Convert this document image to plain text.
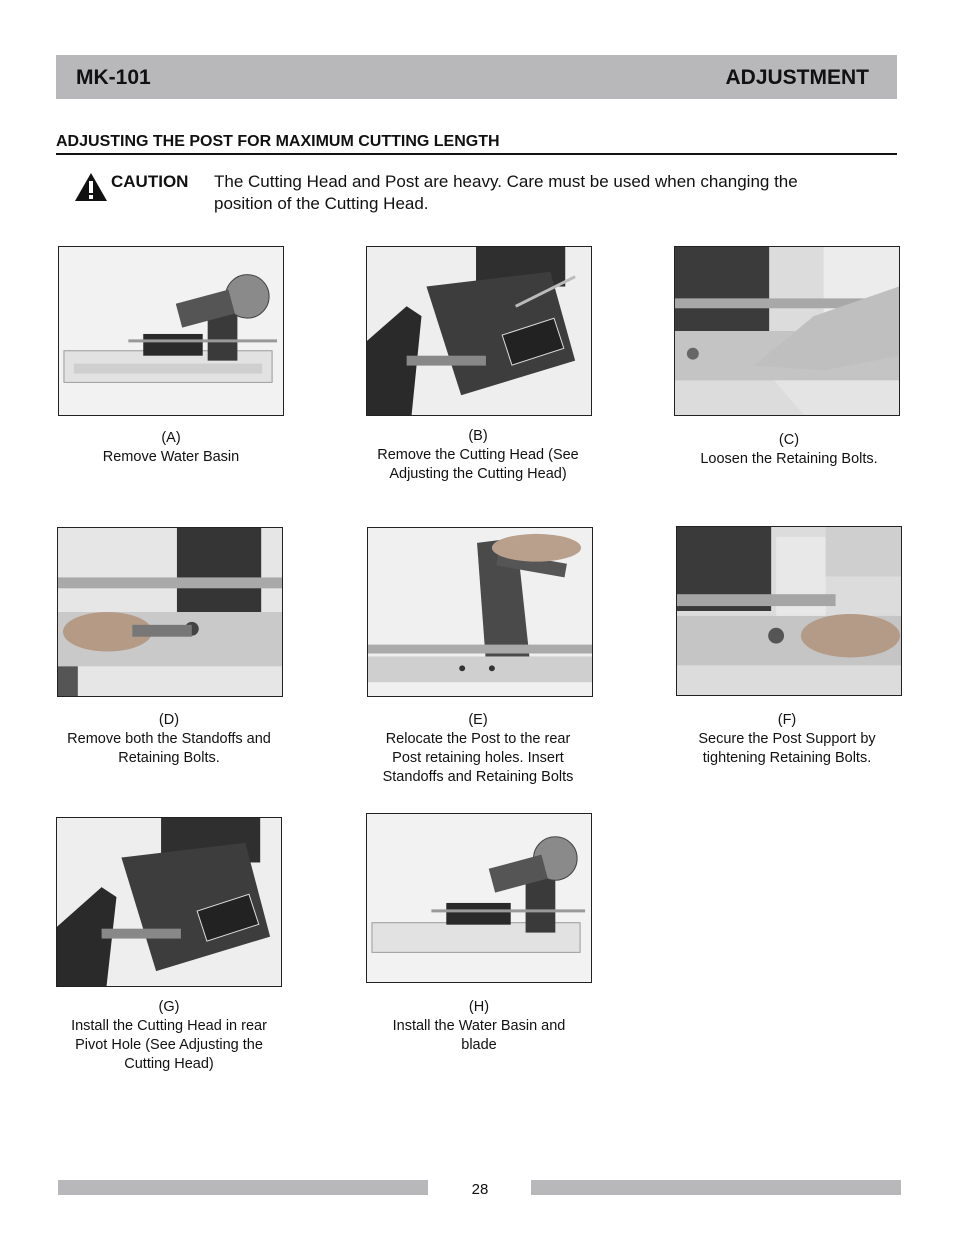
MK-101	ADJUSTMENT
ADJUSTING THE POST FOR MAXIMUM CUTTING LENGTH
CAUTION The Cutting Head and Post are heavy. Care must be used when changing the
position of the Cutting Head.
(A)
Remove Water Basin
(B)
Remove the Cutting Head (See
Adjusting the Cutting Head)
(C)
Loosen the Retaining Bolts.
(D)
Remove both the Standoffs and
Retaining Bolts.
(E)
Relocate the Post to the rear
Post retaining holes. Insert
Standoffs and Retaining Bolts
(F)
Secure the Post Support by
tightening Retaining Bolts.
(G)
Install the Cutting Head in rear
Pivot Hole (See Adjusting the
Cutting Head)
(H)
Install the Water Basin and
blade
28
